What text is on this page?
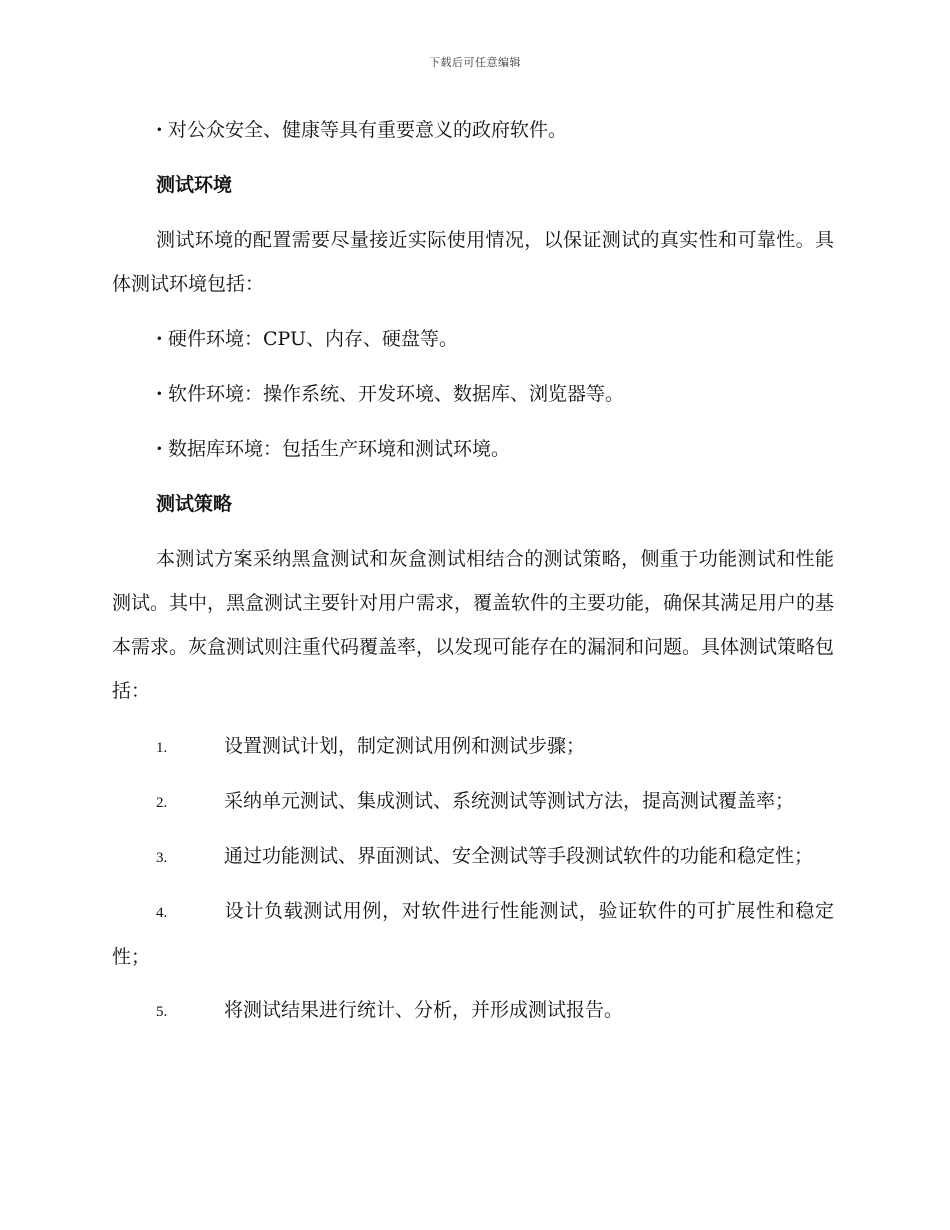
下载后可任意编辑

· 对公众安全、健康等具有重要意义的政府软件。

测试环境

测试环境的配置需要尽量接近实际使用情况，以保证测试的真实性和可靠性。具体测试环境包括：

· 硬件环境：CPU、内存、硬盘等。

· 软件环境：操作系统、开发环境、数据库、浏览器等。

· 数据库环境：包括生产环境和测试环境。

测试策略

本测试方案采纳黑盒测试和灰盒测试相结合的测试策略，侧重于功能测试和性能测试。其中，黑盒测试主要针对用户需求，覆盖软件的主要功能，确保其满足用户的基本需求。灰盒测试则注重代码覆盖率，以发现可能存在的漏洞和问题。具体测试策略包括：

1.	设置测试计划，制定测试用例和测试步骤；

2.	采纳单元测试、集成测试、系统测试等测试方法，提高测试覆盖率；

3.	通过功能测试、界面测试、安全测试等手段测试软件的功能和稳定性；

4.	设计负载测试用例，对软件进行性能测试，验证软件的可扩展性和稳定性；

5.	将测试结果进行统计、分析，并形成测试报告。
